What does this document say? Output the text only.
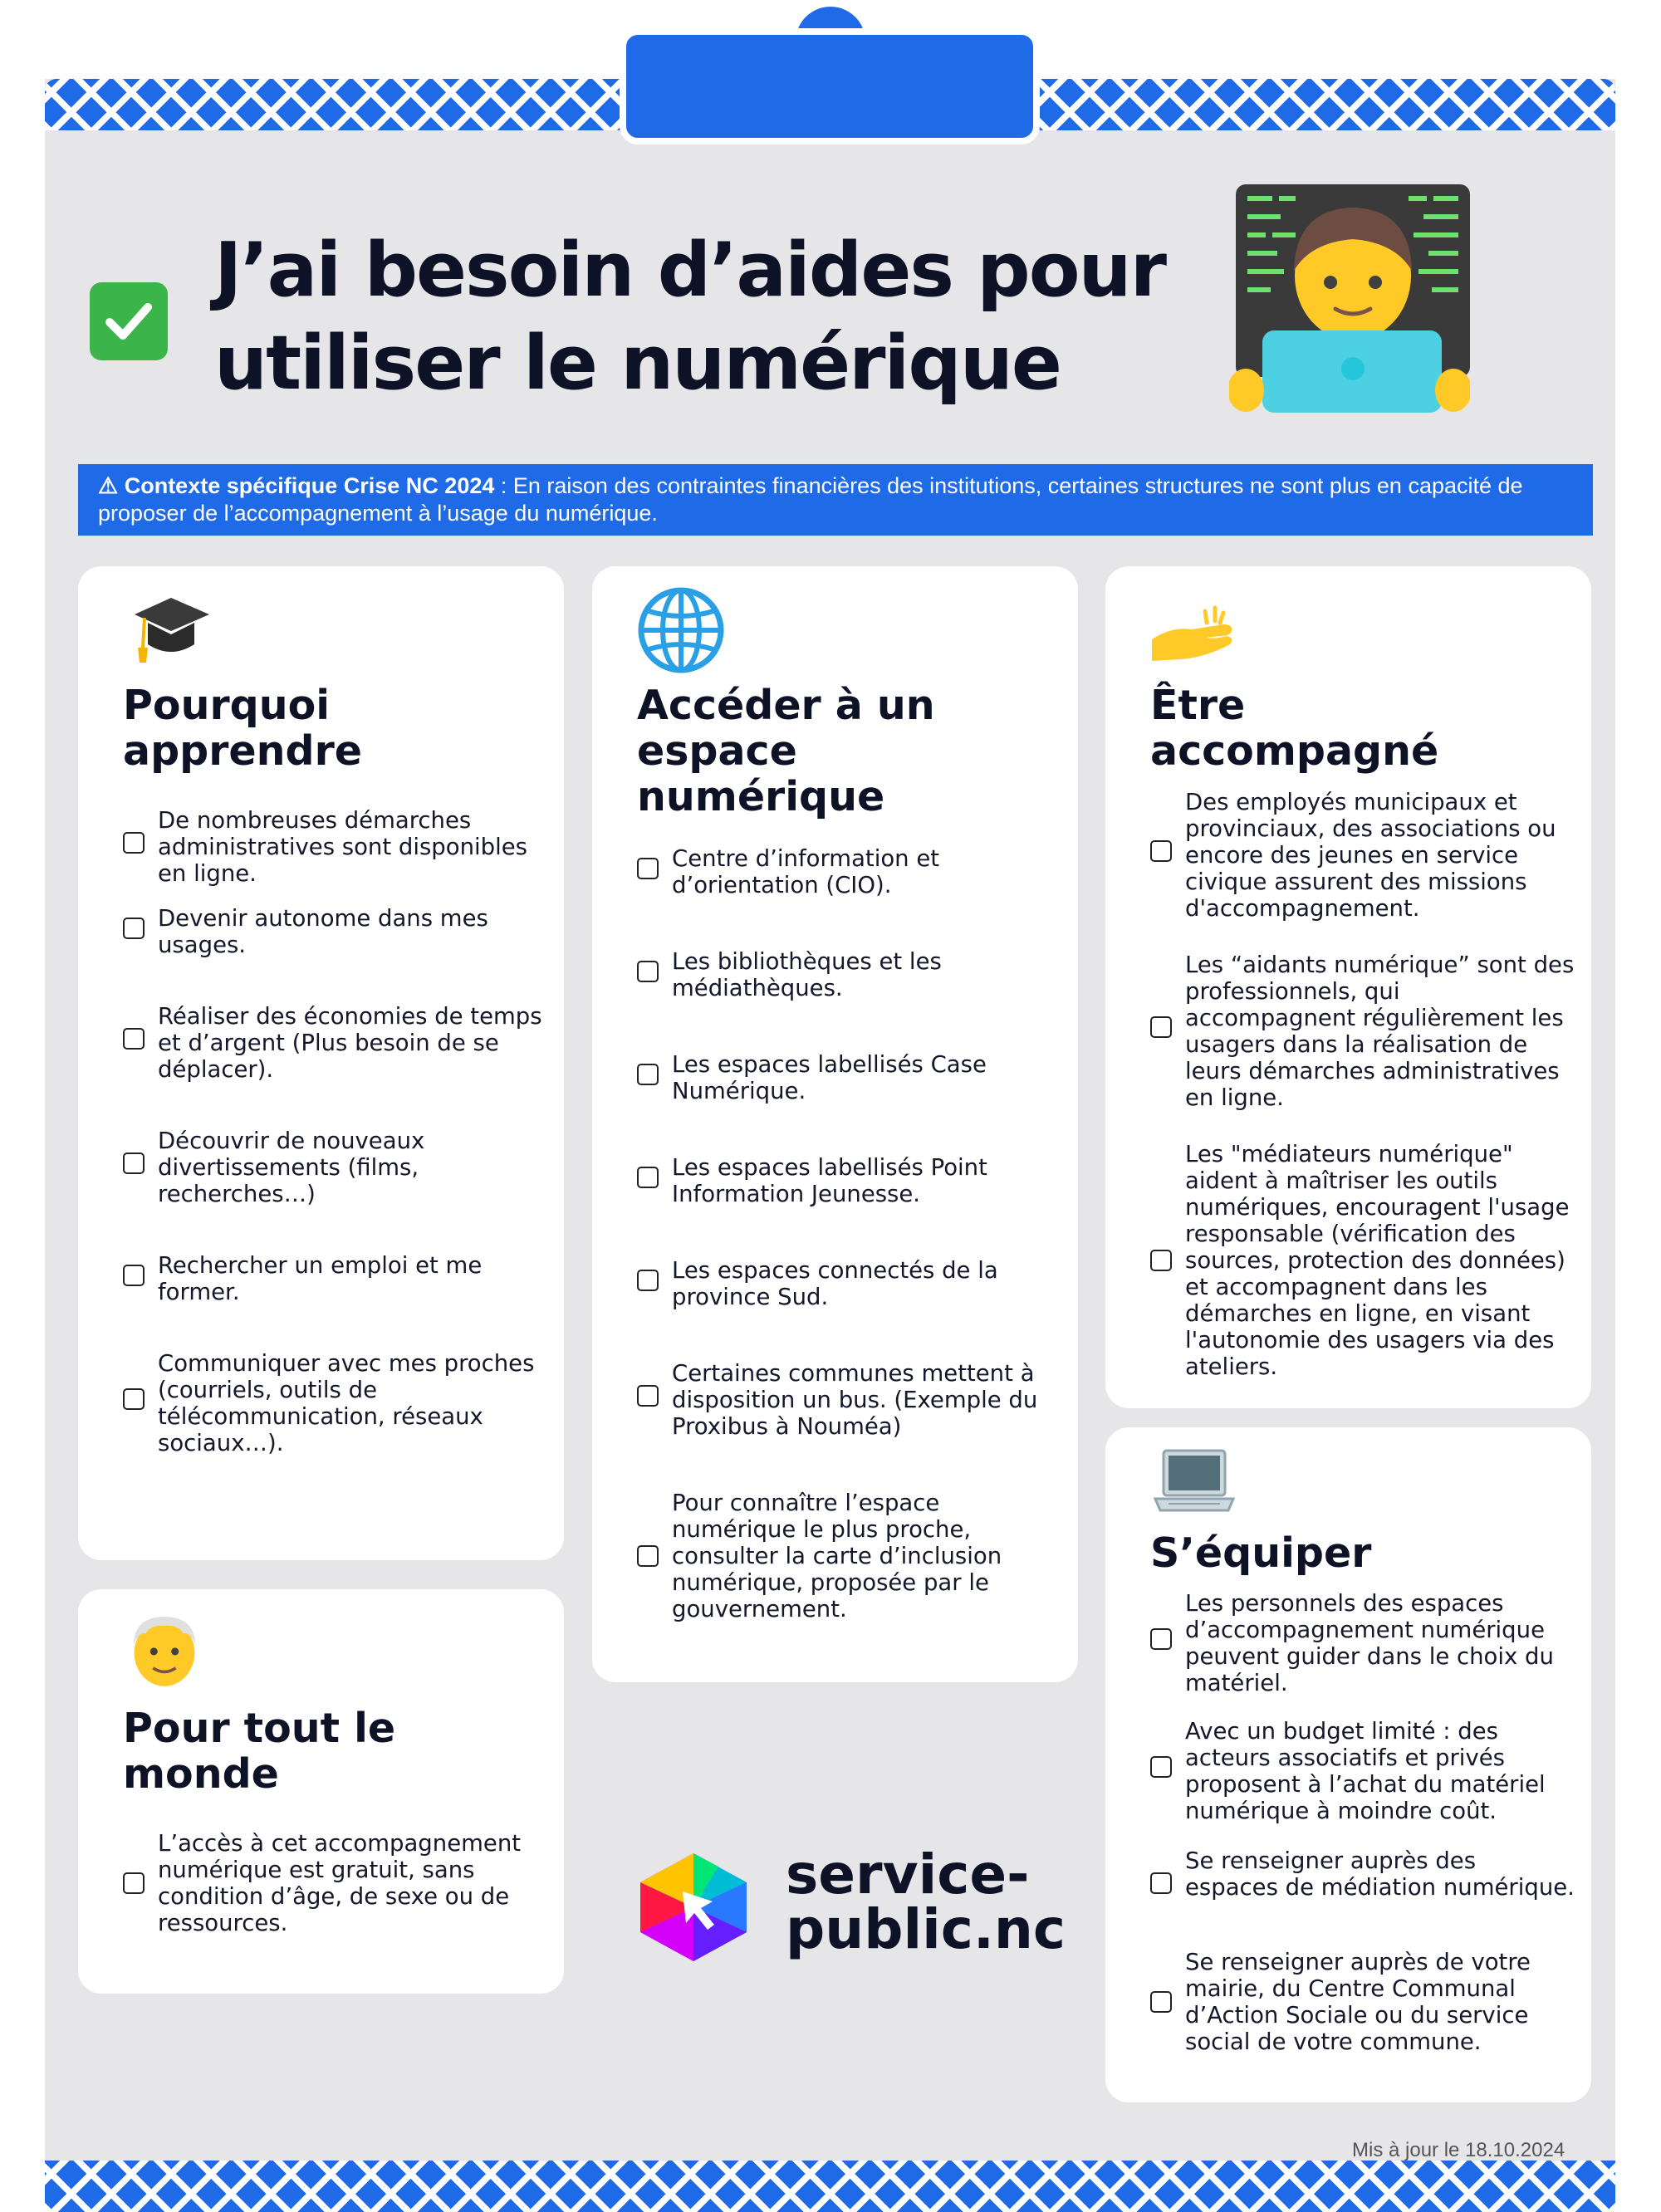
J’ai besoin d’aides pour
utiliser le numérique
⚠ Contexte spécifique Crise NC 2024 : En raison des contraintes financières des institutions, certaines structures ne sont plus en capacité de proposer de l’accompagnement à l’usage du numérique.
Pourquoi apprendre
De nombreuses démarches administratives sont disponibles en ligne.
Devenir autonome dans mes usages.
Réaliser des économies de temps et d’argent (Plus besoin de se déplacer).
Découvrir de nouveaux divertissements (films, recherches…)
Rechercher un emploi et me former.
Communiquer avec mes proches (courriels, outils de télécommunication, réseaux sociaux…).
Pour tout le monde
L’accès à cet accompagnement numérique est gratuit, sans condition d’âge, de sexe ou de ressources.
Accéder à un espace numérique
Centre d’information et d’orientation (CIO).
Les bibliothèques et les médiathèques.
Les espaces labellisés Case Numérique.
Les espaces labellisés Point Information Jeunesse.
Les espaces connectés de la province Sud.
Certaines communes mettent à disposition un bus. (Exemple du Proxibus à Nouméa)
Pour connaître l’espace numérique le plus proche, consulter la carte d’inclusion numérique, proposée par le gouvernement.
Être accompagné
Des employés municipaux et provinciaux, des associations ou encore des jeunes en service civique assurent des missions d'accompagnement.
Les “aidants numérique” sont des professionnels, qui accompagnent régulièrement les usagers dans la réalisation de leurs démarches administratives en ligne.
Les "médiateurs numérique" aident à maîtriser les outils numériques, encouragent l'usage responsable (vérification des sources, protection des données) et accompagnent dans les démarches en ligne, en visant l'autonomie des usagers via des ateliers.
S’équiper
Les personnels des espaces d’accompagnement numérique peuvent guider dans le choix du matériel.
Avec un budget limité : des acteurs associatifs et privés proposent à l’achat du matériel numérique à moindre coût.
Se renseigner auprès des espaces de médiation numérique.
Se renseigner auprès de votre mairie, du Centre Communal d’Action Sociale ou du service social de votre commune.

service-
public.nc

Mis à jour le 18.10.2024
